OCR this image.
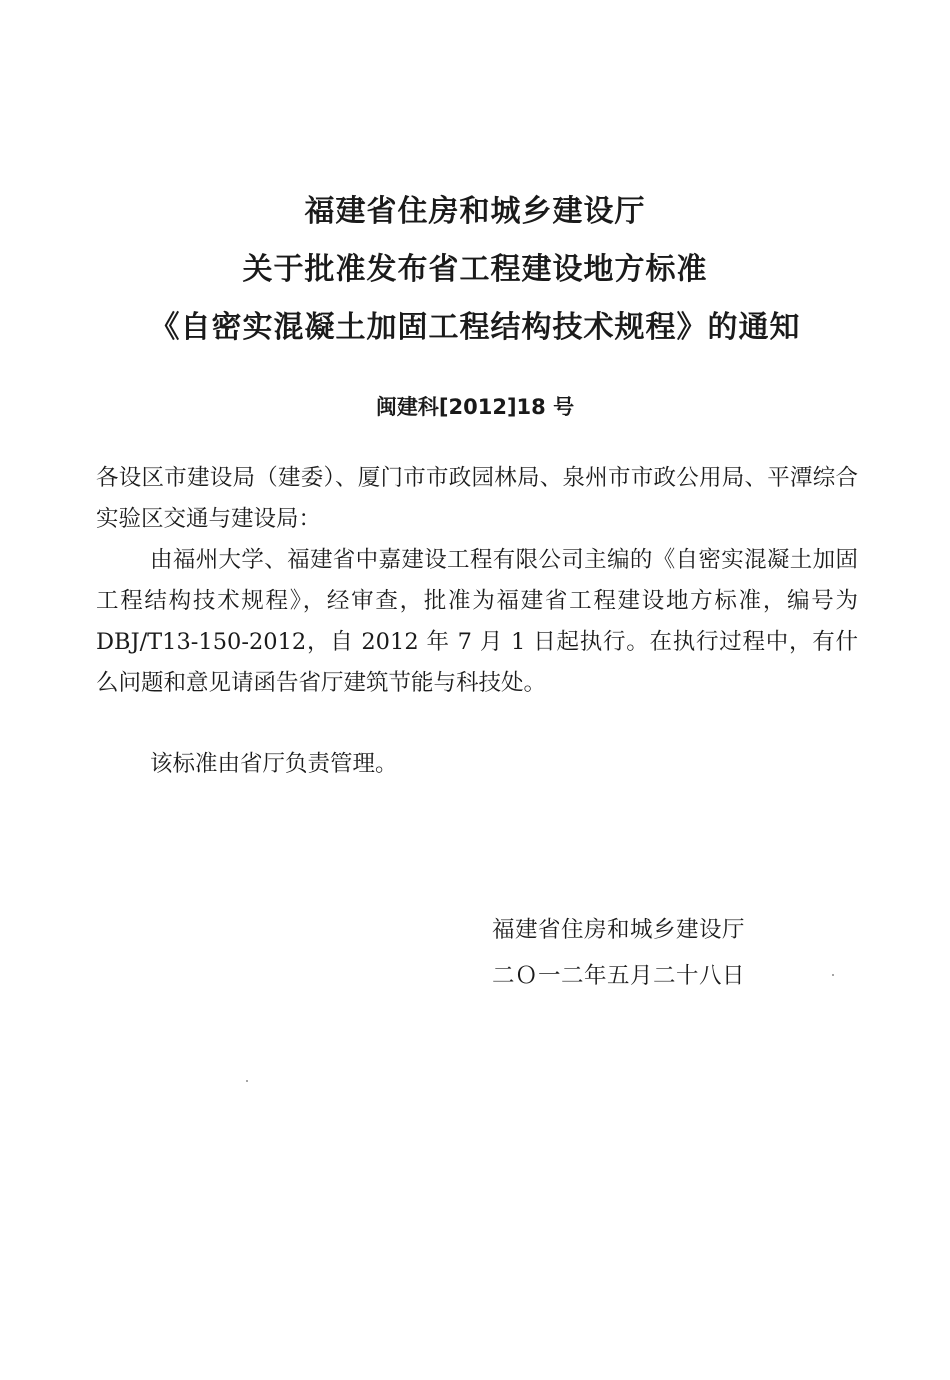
福建省住房和城乡建设厅
关于批准发布省工程建设地方标准
《自密实混凝土加固工程结构技术规程》的通知
闽建科[2012]18 号
各设区市建设局（建委）、厦门市市政园林局、泉州市市政公用局、平潭综合实验区交通与建设局：
由福州大学、福建省中嘉建设工程有限公司主编的《自密实混凝土加固工程结构技术规程》，经审查，批准为福建省工程建设地方标准，编号为 DBJ/T13-150-2012，自 2012 年 7 月 1 日起执行。在执行过程中，有什么问题和意见请函告省厅建筑节能与科技处。
该标准由省厅负责管理。
福建省住房和城乡建设厅
二Ｏ一二年五月二十八日
